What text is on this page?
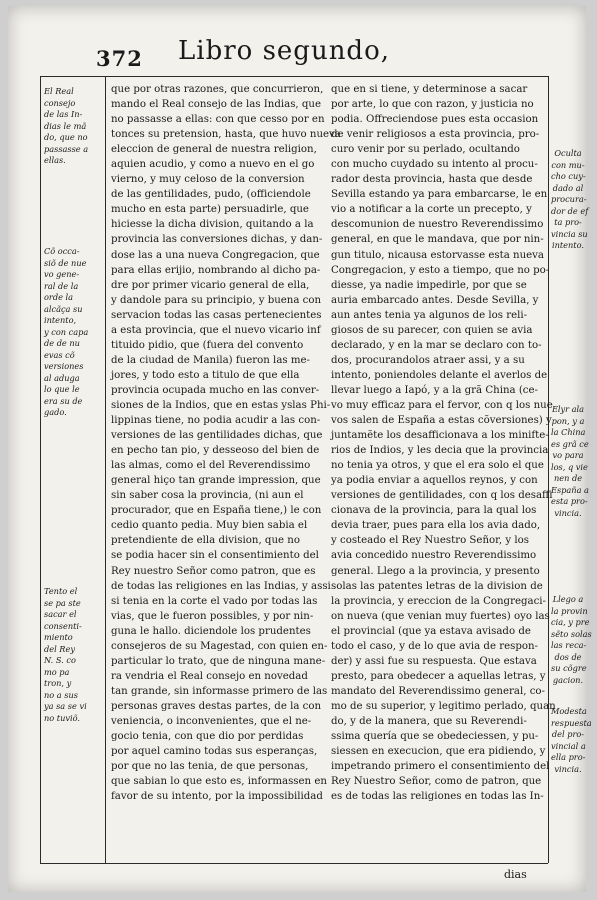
372 Libro segundo,
que por otras razones, que concurrieron,
mando el Real consejo de las Indias, que
no passasse a ellas: con que cesso por en
tonces su pretension, hasta, que huvo nueva
eleccion de general de nuestra religion,
aquien acudio, y como a nuevo en el go
vierno, y muy celoso de la conversion
de las gentilidades, pudo, (officiendole
mucho en esta parte) persuadirle, que
hiciesse la dicha division, quitando a la
provincia las conversiones dichas, y dan-
dose las a una nueva Congregacion, que
para ellas erijio, nombrando al dicho pa-
dre por primer vicario general de ella,
y dandole para su principio, y buena con
servacion todas las casas pertenecientes
a esta provincia, que el nuevo vicario inf
tituido pidio, que (fuera del convento
de la ciudad de Manila) fueron las me-
jores, y todo esto a titulo de que ella
provincia ocupada mucho en las conver-
siones de la Indios, que en estas yslas Phi-
lippinas tiene, no podia acudir a las con-
versiones de las gentilidades dichas, que
en pecho tan pio, y desseoso del bien de
las almas, como el del Reverendissimo
general hiço tan grande impression, que
sin saber cosa la provincia, (ni aun el
procurador, que en España tiene,) le con
cedio quanto pedia. Muy bien sabia el
pretendiente de ella division, que no
se podia hacer sin el consentimiento del
Rey nuestro Señor como patron, que es
de todas las religiones en las Indias, y assi
si tenia en la corte el vado por todas las
vias, que le fueron possibles, y por nin-
guna le hallo. diciendole los prudentes
consejeros de su Magestad, con quien en-
particular lo trato, que de ninguna mane-
ra vendria el Real consejo en novedad
tan grande, sin informasse primero de las
personas graves destas partes, de la con
veniencia, o inconvenientes, que el ne-
gocio tenia, con que dio por perdidas
por aquel camino todas sus esperanças,
por que no las tenia, de que personas,
que sabian lo que esto es, informassen en
favor de su intento, por la impossibilidad
que en si tiene, y determinose a sacar
por arte, lo que con razon, y justicia no
podia. Offreciendose pues esta occasion
de venir religiosos a esta provincia, pro-
curo venir por su perlado, ocultando
con mucho cuydado su intento al procu-
rador desta provincia, hasta que desde
Sevilla estando ya para embarcarse, le en
vio a notificar a la corte un precepto, y
descomunion de nuestro Reverendissimo
general, en que le mandava, que por nin-
gun titulo, nicausa estorvasse esta nueva
Congregacion, y esto a tiempo, que no po-
diesse, ya nadie impedirle, por que se
auria embarcado antes. Desde Sevilla, y
aun antes tenia ya algunos de los reli-
giosos de su parecer, con quien se avia
declarado, y en la mar se declaro con to-
dos, procurandolos atraer assi, y a su
intento, poniendoles delante el averlos de
llevar luego a Iapó, y a la grã China (ce-
vo muy efficaz para el fervor, con q los nue
vos salen de España a estas cõversiones) y
juntamẽte los desafficionava a los minifte-
rios de Indios, y les decia que la provincia
no tenia ya otros, y que el era solo el que
ya podia enviar a aquellos reynos, y con
versiones de gentilidades, con q los desaffi
cionava de la provincia, para la qual los
devia traer, pues para ella los avia dado,
y costeado el Rey Nuestro Señor, y los
avia concedido nuestro Reverendissimo
general. Llego a la provincia, y presento
solas las patentes letras de la division de
la provincia, y ereccion de la Congregaci-
on nueva (que venian muy fuertes) oyo las
el provincial (que ya estava avisado de
todo el caso, y de lo que avia de respon-
der) y assi fue su respuesta. Que estava
presto, para obedecer a aquellas letras, y
mandato del Reverendissimo general, co-
mo de su superior, y legitimo perlado, quan
do, y de la manera, que su Reverendi-
ssima quería que se obedeciessen, y pu-
siessen en execucion, que era pidiendo, y
impetrando primero el consentimiento del
Rey Nuestro Señor, como de patron, que
es de todas las religiones en todas las In-
El Real
consejo
de las In-
dias le mã
do, que no
passasse a
ellas.
Cõ occa-
siõ de nue
vo gene-
ral de la
orde la
alcãça su
intento,
y con capa
de de nu
evas cõ
versiones
al aduga
lo que le
era su de
gado.
Tento el
se pa ste
sacar el
consenti-
miento
del Rey
N. S. co
mo pa
tron, y
no a sus
ya sa se vi
no tuviõ.
Oculta
con mu-
cho cuy-
dado al
procura-
dor de ef
ta pro-
vincia su
intento.
Elyr ala
pon, y a
la China
es grã ce
vo para
los, q vie
nen de
España a
esta pro-
vincia.
Llego a
la provin
cia, y pre
sẽto solas
las reca-
dos de
su cõgre
gacion.
Modesta
respuesta
del pro-
vincial a
ella pro-
vincia.
dias
